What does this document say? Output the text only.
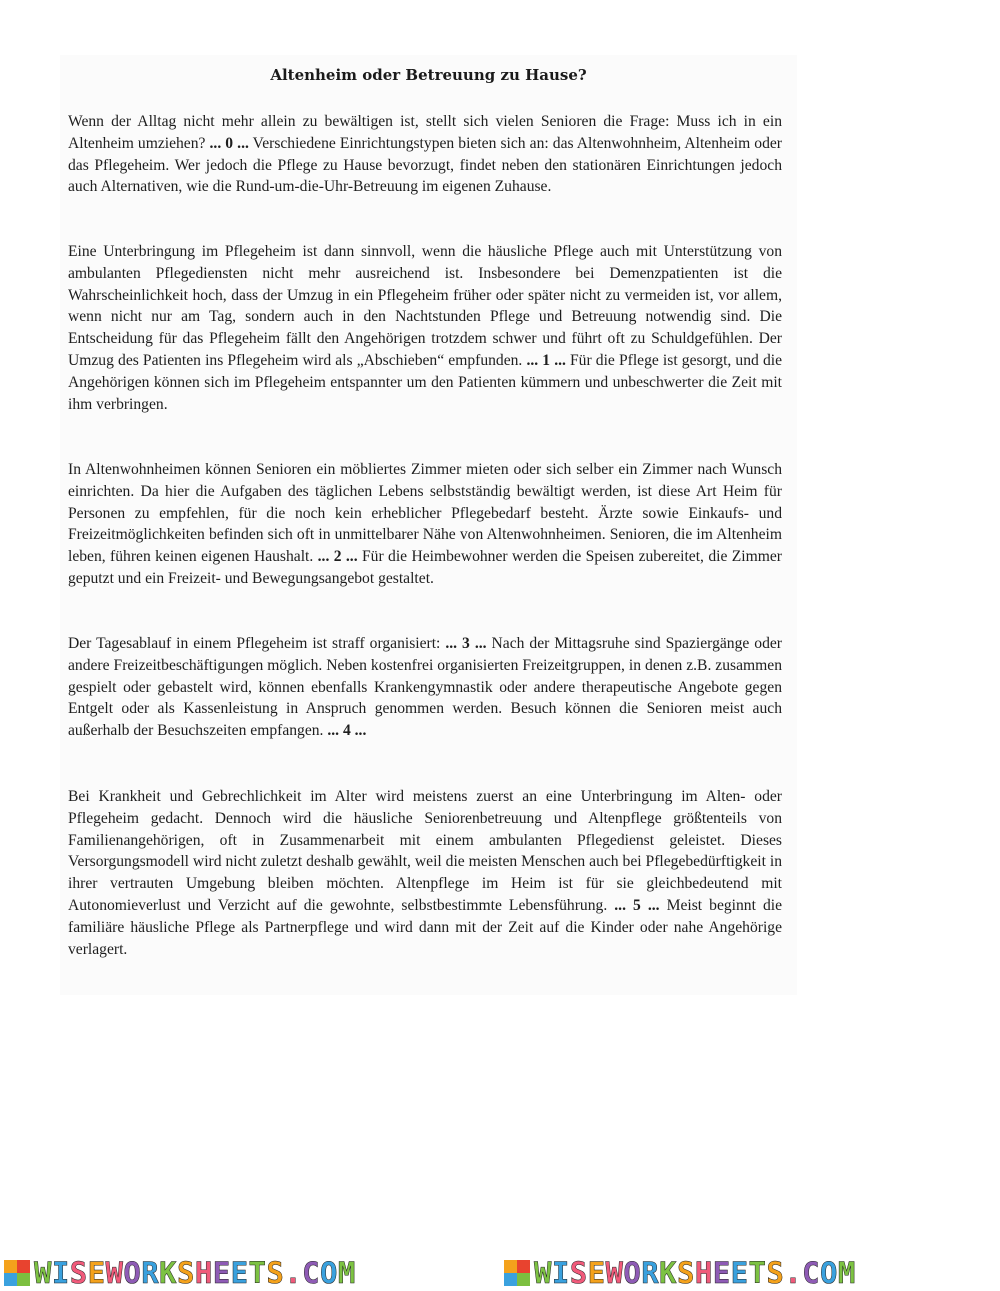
Altenheim oder Betreuung zu Hause?

Wenn der Alltag nicht mehr allein zu bewältigen ist, stellt sich vielen Senioren die Frage: Muss ich in ein Altenheim umziehen? ... 0 ... Verschiedene Einrichtungstypen bieten sich an: das Altenwohnheim, Altenheim oder das Pflegeheim. Wer jedoch die Pflege zu Hause bevorzugt, findet neben den stationären Einrichtungen jedoch auch Alternativen, wie die Rund-um-die-Uhr-Betreuung im eigenen Zuhause.

Eine Unterbringung im Pflegeheim ist dann sinnvoll, wenn die häusliche Pflege auch mit Unterstützung von ambulanten Pflegediensten nicht mehr ausreichend ist. Insbesondere bei Demenzpatienten ist die Wahrscheinlichkeit hoch, dass der Umzug in ein Pflegeheim früher oder später nicht zu vermeiden ist, vor allem, wenn nicht nur am Tag, sondern auch in den Nachtstunden Pflege und Betreuung notwendig sind. Die Entscheidung für das Pflegeheim fällt den Angehörigen trotzdem schwer und führt oft zu Schuldgefühlen. Der Umzug des Patienten ins Pflegeheim wird als „Abschieben“ empfunden. ... 1 ... Für die Pflege ist gesorgt, und die Angehörigen können sich im Pflegeheim entspannter um den Patienten kümmern und unbeschwerter die Zeit mit ihm verbringen.

In Altenwohnheimen können Senioren ein möbliertes Zimmer mieten oder sich selber ein Zimmer nach Wunsch einrichten. Da hier die Aufgaben des täglichen Lebens selbstständig bewältigt werden, ist diese Art Heim für Personen zu empfehlen, für die noch kein erheblicher Pflegebedarf besteht. Ärzte sowie Einkaufs- und Freizeitmöglichkeiten befinden sich oft in unmittelbarer Nähe von Altenwohnheimen. Senioren, die im Altenheim leben, führen keinen eigenen Haushalt. ... 2 ... Für die Heimbewohner werden die Speisen zubereitet, die Zimmer geputzt und ein Freizeit- und Bewegungsangebot gestaltet.

Der Tagesablauf in einem Pflegeheim ist straff organisiert: ... 3 ... Nach der Mittagsruhe sind Spaziergänge oder andere Freizeitbeschäftigungen möglich. Neben kostenfrei organisierten Freizeitgruppen, in denen z.B. zusammen gespielt oder gebastelt wird, können ebenfalls Krankengymnastik oder andere therapeutische Angebote gegen Entgelt oder als Kassenleistung in Anspruch genommen werden. Besuch können die Senioren meist auch außerhalb der Besuchszeiten empfangen. ... 4 ...

Bei Krankheit und Gebrechlichkeit im Alter wird meistens zuerst an eine Unterbringung im Alten- oder Pflegeheim gedacht. Dennoch wird die häusliche Seniorenbetreuung und Altenpflege größtenteils von Familienangehörigen, oft in Zusammenarbeit mit einem ambulanten Pflegedienst geleistet. Dieses Versorgungsmodell wird nicht zuletzt deshalb gewählt, weil die meisten Menschen auch bei Pflegebedürftigkeit in ihrer vertrauten Umgebung bleiben möchten. Altenpflege im Heim ist für sie gleichbedeutend mit Autonomieverlust und Verzicht auf die gewohnte, selbstbestimmte Lebensführung. ... 5 ... Meist beginnt die familiäre häusliche Pflege als Partnerpflege und wird dann mit der Zeit auf die Kinder oder nahe Angehörige verlagert.

WISEWORKSHEETS.COM	WISEWORKSHEETS.COM
